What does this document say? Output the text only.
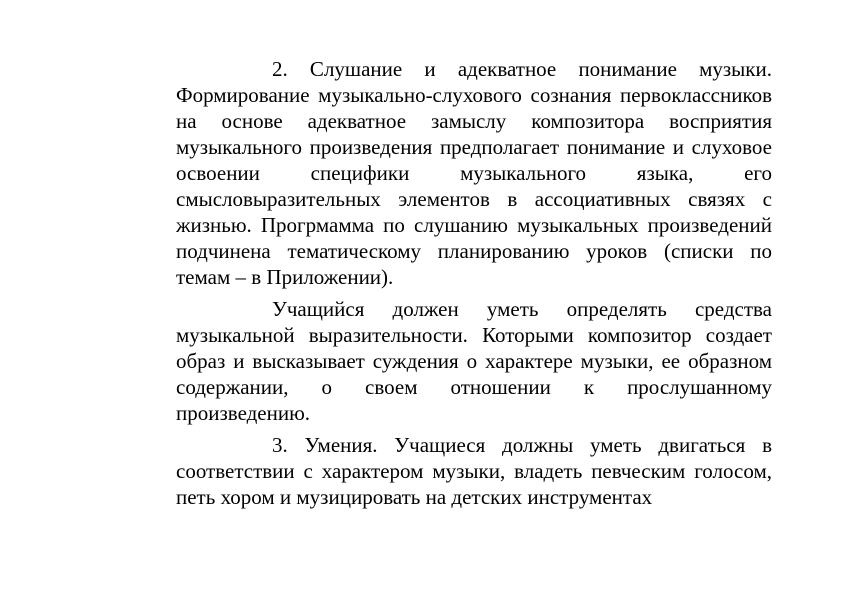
2. Слушание и адекватное понимание музыки. Формирование музыкально-слухового сознания первоклассников на основе адекватное замыслу композитора восприятия музыкального произведения предполагает понимание и слуховое освоении специфики музыкального языка, его смысловыразительных элементов в ассоциативных связях с жизнью. Прогрмамма по слушанию музыкальных произведений подчинена тематическому планированию уроков (списки по темам – в Приложении).

Учащийся должен уметь определять средства музыкальной выразительности. Которыми композитор создает образ и высказывает суждения о характере музыки, ее образном содержании, о своем отношении к прослушанному произведению.

3. Умения. Учащиеся должны уметь двигаться в соответствии с характером музыки, владеть певческим голосом, петь хором и музицировать на детских инструментах
